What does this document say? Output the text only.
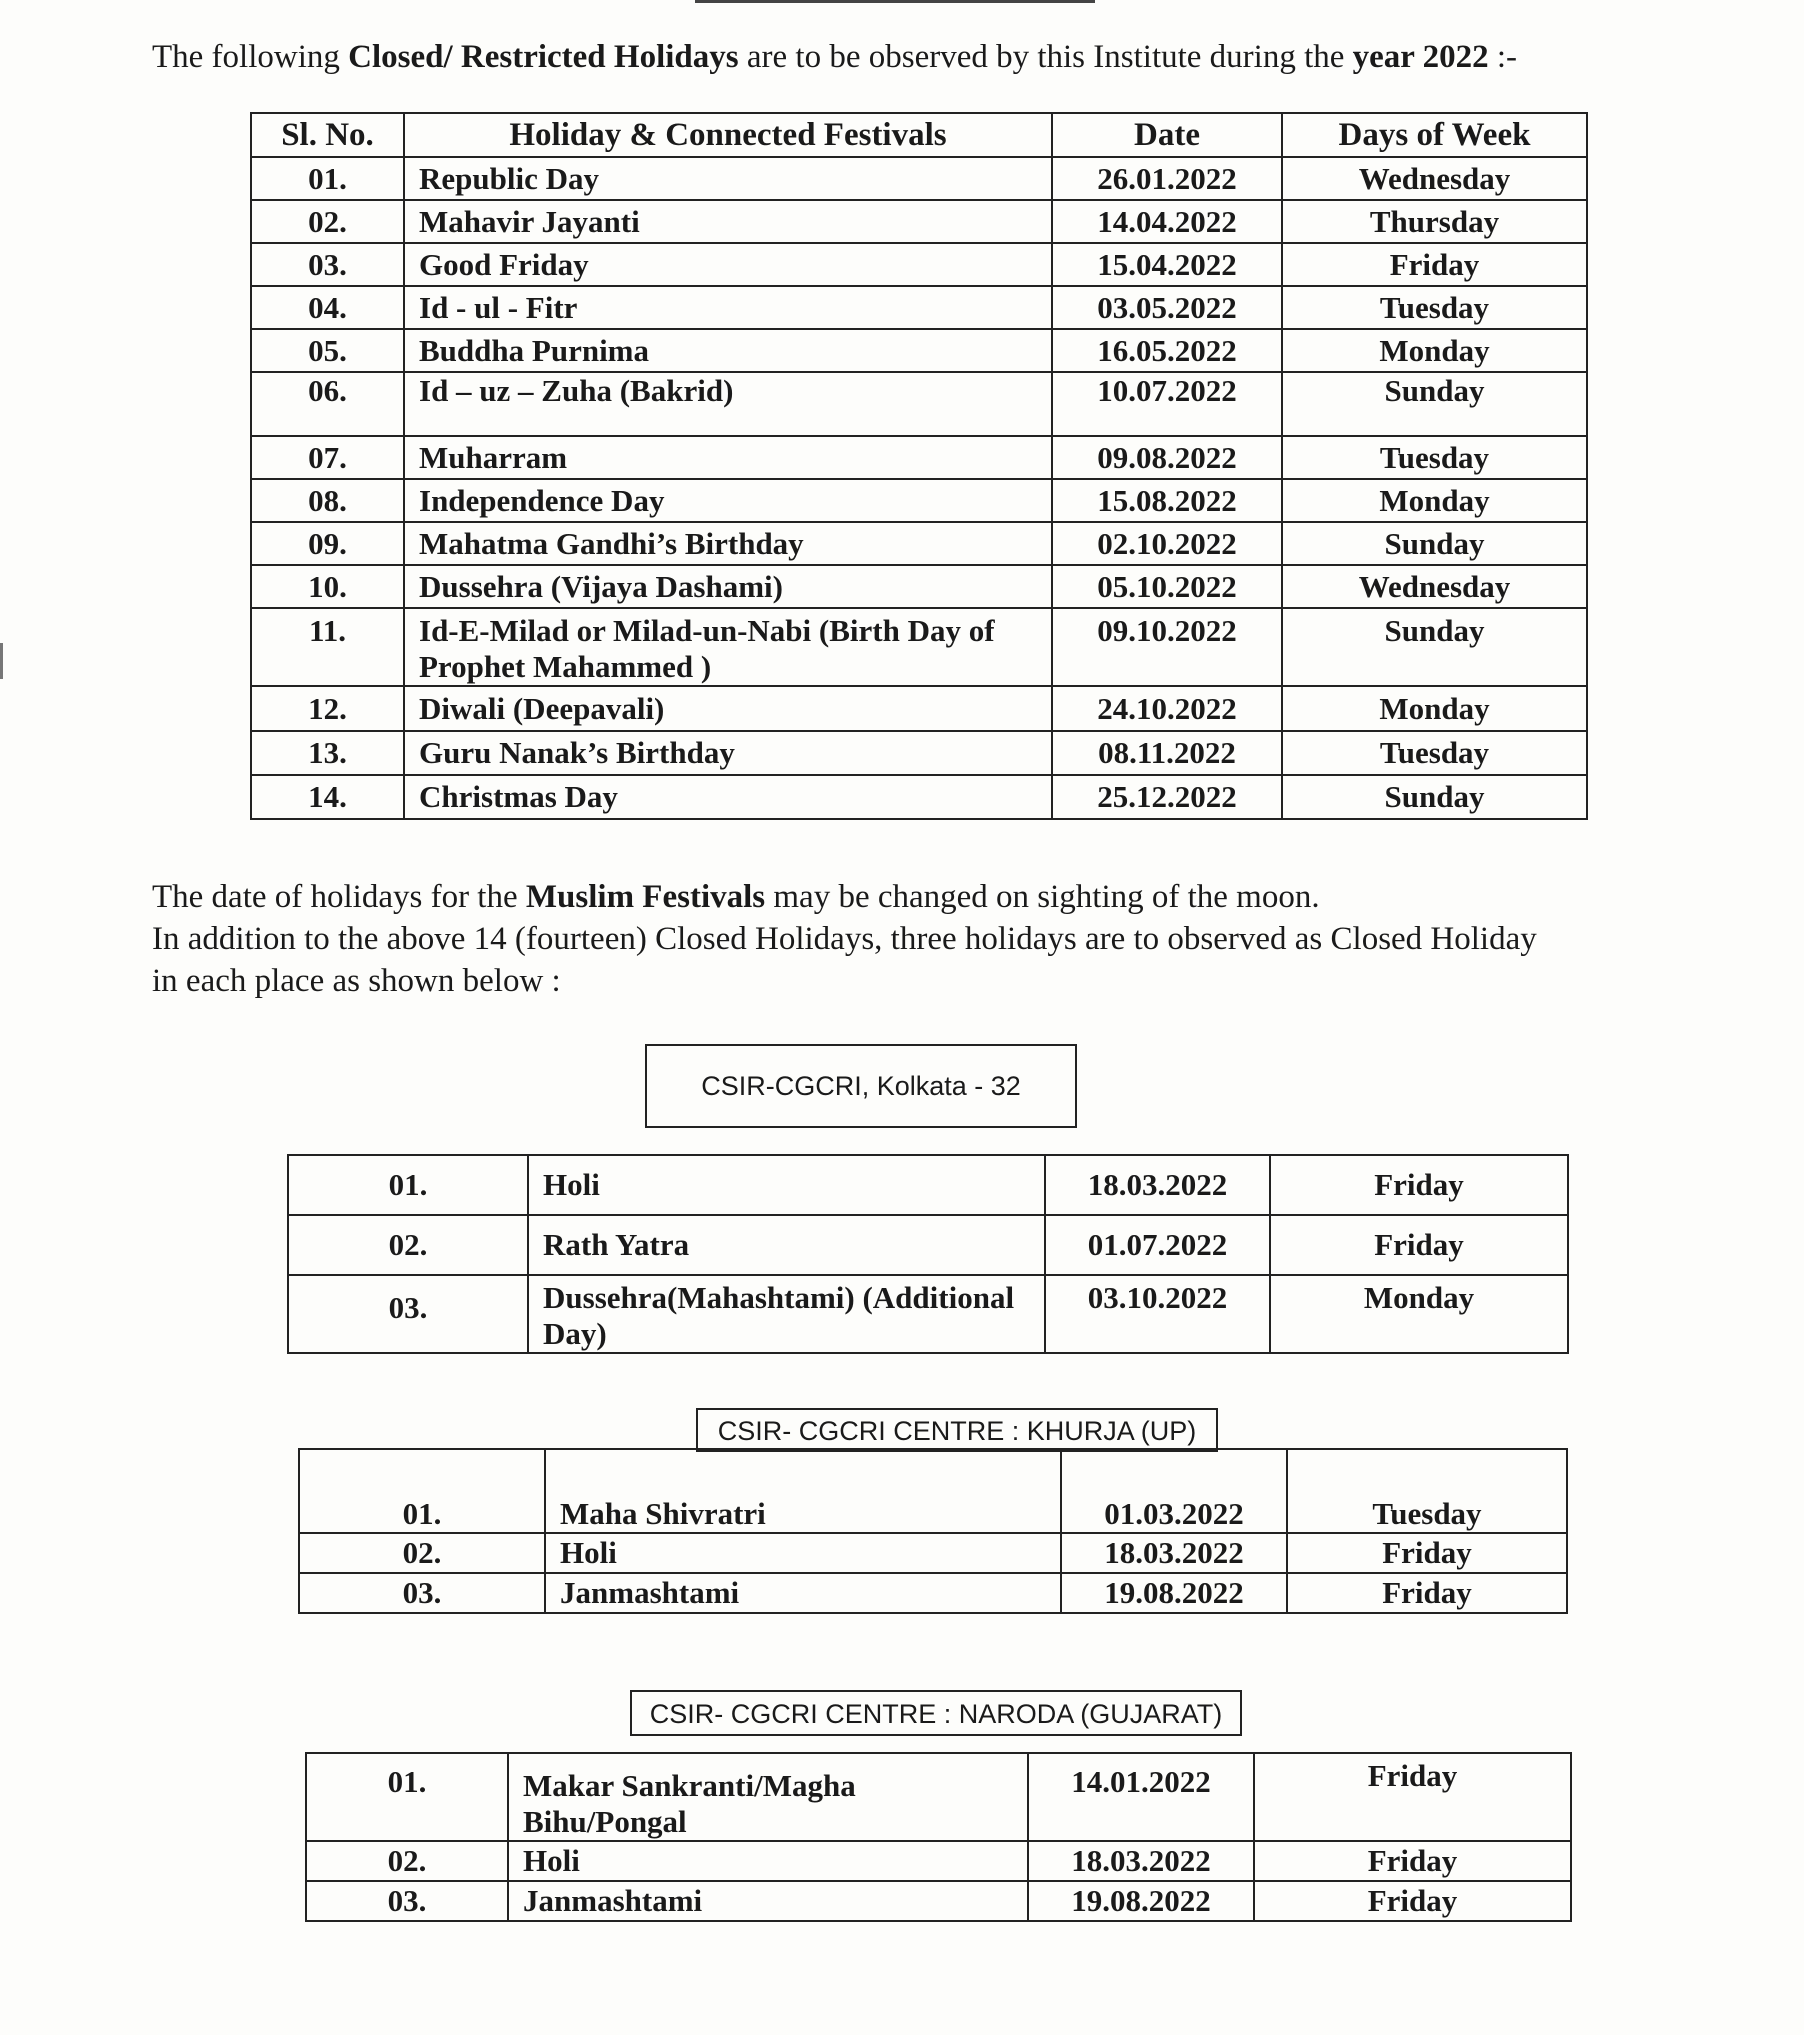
The following Closed/ Restricted Holidays are to be observed by this Institute during the year 2022 :-

Sl. No.	Holiday & Connected Festivals	Date	Days of Week
01.	Republic Day	26.01.2022	Wednesday
02.	Mahavir Jayanti	14.04.2022	Thursday
03.	Good Friday	15.04.2022	Friday
04.	Id - ul - Fitr	03.05.2022	Tuesday
05.	Buddha Purnima	16.05.2022	Monday
06.	Id – uz – Zuha (Bakrid)	10.07.2022	Sunday
07.	Muharram	09.08.2022	Tuesday
08.	Independence Day	15.08.2022	Monday
09.	Mahatma Gandhi’s Birthday	02.10.2022	Sunday
10.	Dussehra (Vijaya Dashami)	05.10.2022	Wednesday
11.	Id-E-Milad or Milad-un-Nabi (Birth Day of Prophet Mahammed )	09.10.2022	Sunday
12.	Diwali (Deepavali)	24.10.2022	Monday
13.	Guru Nanak’s Birthday	08.11.2022	Tuesday
14.	Christmas Day	25.12.2022	Sunday

The date of holidays for the Muslim Festivals may be changed on sighting of the moon.

In addition to the above 14 (fourteen) Closed Holidays, three holidays are to observed as Closed Holiday

in each place as shown below :

CSIR-CGCRI, Kolkata - 32
01.	Holi	18.03.2022	Friday
02.	Rath Yatra	01.07.2022	Friday
03.	Dussehra(Mahashtami) (Additional Day)	03.10.2022	Monday
CSIR- CGCRI CENTRE : KHURJA (UP)
01.	Maha Shivratri	01.03.2022	Tuesday
02.	Holi	18.03.2022	Friday
03.	Janmashtami	19.08.2022	Friday
CSIR- CGCRI CENTRE : NARODA (GUJARAT)
01.	Makar Sankranti/Magha Bihu/Pongal	14.01.2022	Friday
02.	Holi	18.03.2022	Friday
03.	Janmashtami	19.08.2022	Friday
